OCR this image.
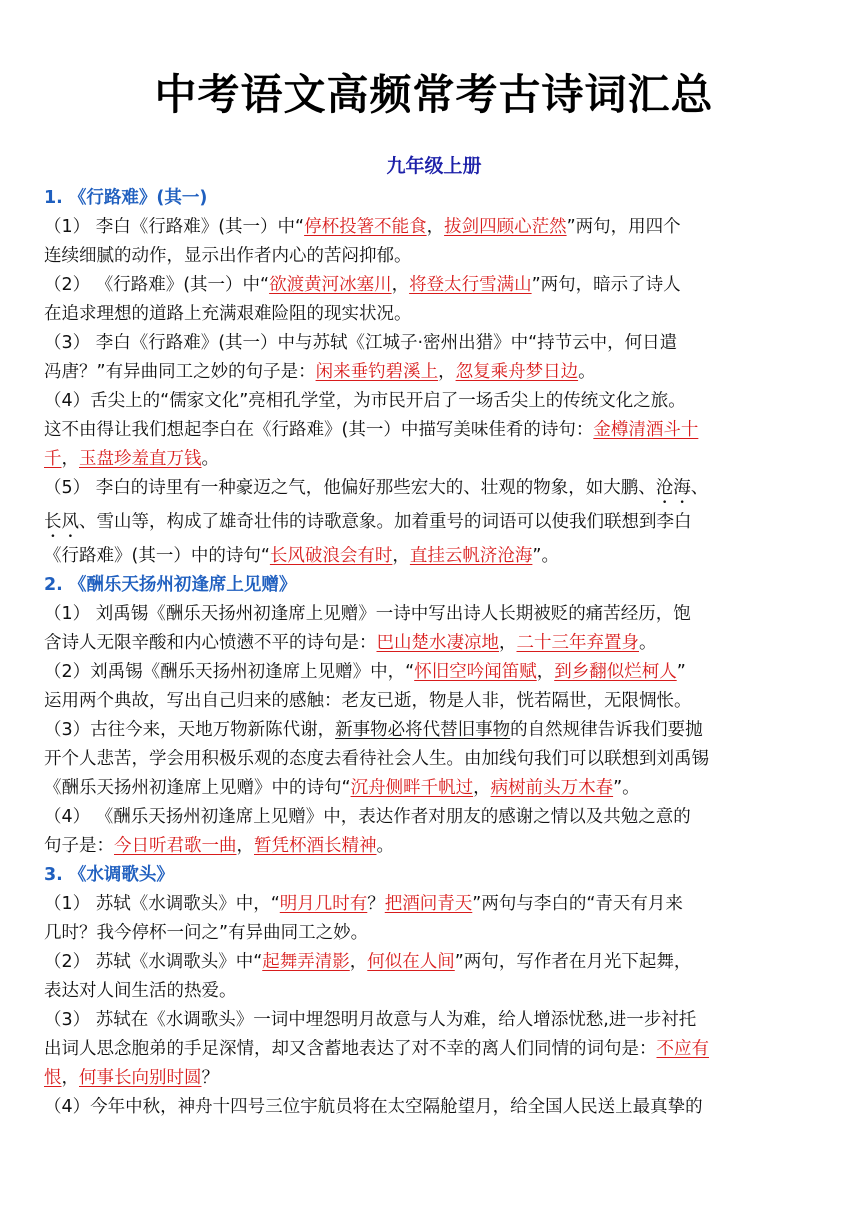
中考语文高频常考古诗词汇总
九年级上册
1. 《行路难》(其一)
（1） 李白《行路难》(其一）中“停杯投箸不能食，拔剑四顾心茫然”两句，用四个
连续细腻的动作，显示出作者内心的苦闷抑郁。
（2） 《行路难》(其一）中“欲渡黄河冰塞川，将登太行雪满山”两句，暗示了诗人
在追求理想的道路上充满艰难险阻的现实状况。
（3） 李白《行路难》(其一）中与苏轼《江城子·密州出猎》中“持节云中，何日遣
冯唐？”有异曲同工之妙的句子是：闲来垂钓碧溪上，忽复乘舟梦日边。
（4）舌尖上的“儒家文化”亮相孔学堂，为市民开启了一场舌尖上的传统文化之旅。
这不由得让我们想起李白在《行路难》(其一）中描写美味佳肴的诗句：金樽清酒斗十
千，玉盘珍羞直万钱。
（5） 李白的诗里有一种豪迈之气，他偏好那些宏大的、壮观的物象，如大鹏、沧海、
长风、雪山等，构成了雄奇壮伟的诗歌意象。加着重号的词语可以使我们联想到李白
《行路难》(其一）中的诗句“长风破浪会有时，直挂云帆济沧海”。
2. 《酬乐天扬州初逢席上见赠》
（1） 刘禹锡《酬乐天扬州初逢席上见赠》一诗中写出诗人长期被贬的痛苦经历，饱
含诗人无限辛酸和内心愤懑不平的诗句是：巴山楚水凄凉地，二十三年弃置身。
（2）刘禹锡《酬乐天扬州初逢席上见赠》中，“怀旧空吟闻笛赋，到乡翻似烂柯人”
运用两个典故，写出自己归来的感触：老友已逝，物是人非，恍若隔世，无限惆怅。
（3）古往今来，天地万物新陈代谢，新事物必将代替旧事物的自然规律告诉我们要抛
开个人悲苦，学会用积极乐观的态度去看待社会人生。由加线句我们可以联想到刘禹锡
《酬乐天扬州初逢席上见赠》中的诗句“沉舟侧畔千帆过，病树前头万木春”。
（4） 《酬乐天扬州初逢席上见赠》中，表达作者对朋友的感谢之情以及共勉之意的
句子是：今日听君歌一曲，暂凭杯酒长精神。
3. 《水调歌头》
（1） 苏轼《水调歌头》中，“明月几时有？把酒问青天”两句与李白的“青天有月来
几时？我今停杯一问之”有异曲同工之妙。
（2） 苏轼《水调歌头》中“起舞弄清影，何似在人间”两句，写作者在月光下起舞，
表达对人间生活的热爱。
（3） 苏轼在《水调歌头》一词中埋怨明月故意与人为难，给人增添忧愁,进一步衬托
出词人思念胞弟的手足深情，却又含蓄地表达了对不幸的离人们同情的词句是：不应有
恨，何事长向别时圆？
（4）今年中秋，神舟十四号三位宇航员将在太空隔舱望月，给全国人民送上最真挚的
